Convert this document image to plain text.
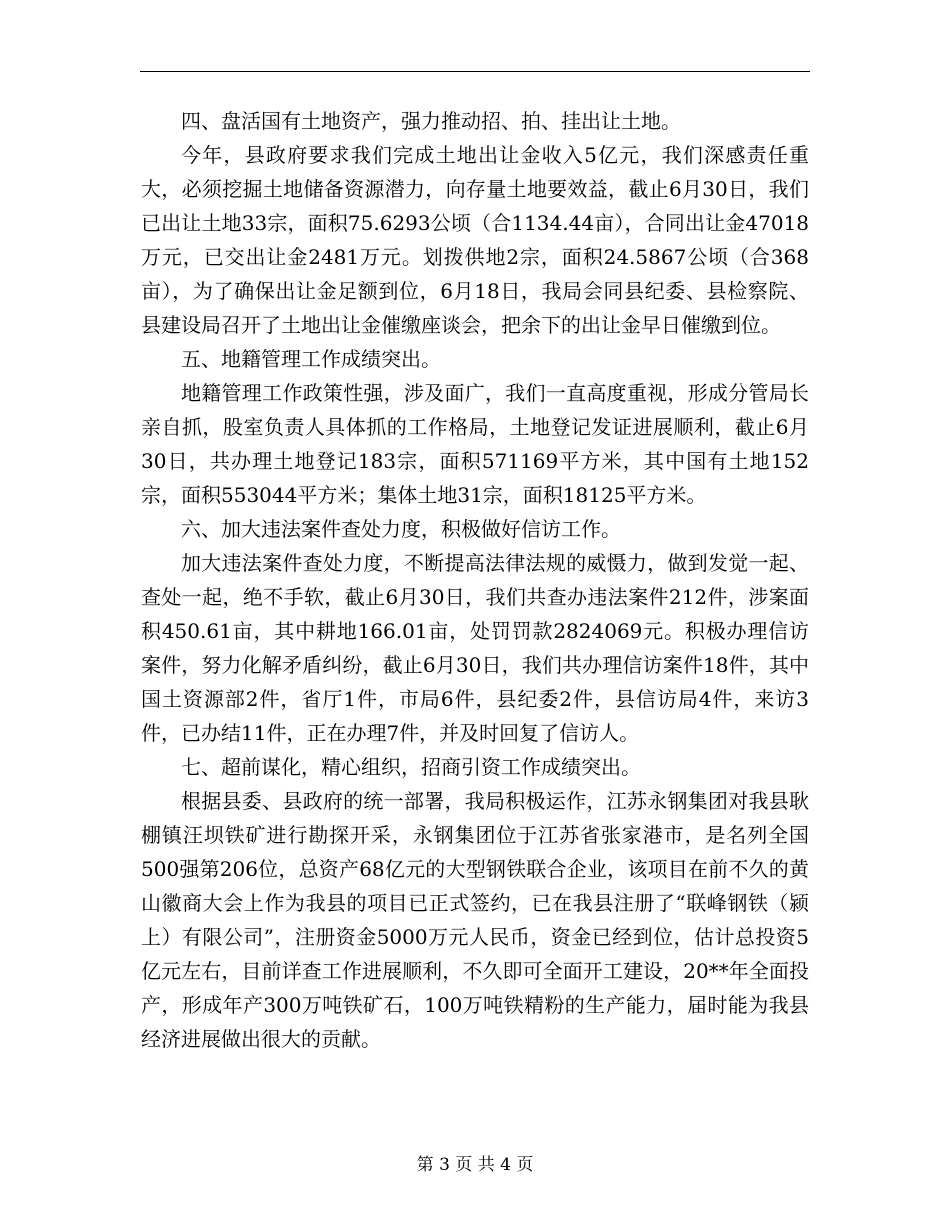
四、盘活国有土地资产，强力推动招、拍、挂出让土地。

今年，县政府要求我们完成土地出让金收入5亿元，我们深感责任重大，必须挖掘土地储备资源潜力，向存量土地要效益，截止6月30日，我们已出让土地33宗，面积75.6293公顷（合1134.44亩），合同出让金47018万元，已交出让金2481万元。划拨供地2宗，面积24.5867公顷（合368亩），为了确保出让金足额到位，6月18日，我局会同县纪委、县检察院、县建设局召开了土地出让金催缴座谈会，把余下的出让金早日催缴到位。

五、地籍管理工作成绩突出。

地籍管理工作政策性强，涉及面广，我们一直高度重视，形成分管局长亲自抓，股室负责人具体抓的工作格局，土地登记发证进展顺利，截止6月30日，共办理土地登记183宗，面积571169平方米，其中国有土地152宗，面积553044平方米；集体土地31宗，面积18125平方米。

六、加大违法案件查处力度，积极做好信访工作。

加大违法案件查处力度，不断提高法律法规的威慑力，做到发觉一起、查处一起，绝不手软，截止6月30日，我们共查办违法案件212件，涉案面积450.61亩，其中耕地166.01亩，处罚罚款2824069元。积极办理信访案件，努力化解矛盾纠纷，截止6月30日，我们共办理信访案件18件，其中国土资源部2件，省厅1件，市局6件，县纪委2件，县信访局4件，来访3件，已办结11件，正在办理7件，并及时回复了信访人。

七、超前谋化，精心组织，招商引资工作成绩突出。

根据县委、县政府的统一部署，我局积极运作，江苏永钢集团对我县耿棚镇汪坝铁矿进行勘探开采，永钢集团位于江苏省张家港市，是名列全国500强第206位，总资产68亿元的大型钢铁联合企业，该项目在前不久的黄山徽商大会上作为我县的项目已正式签约，已在我县注册了“联峰钢铁（颍上）有限公司”，注册资金5000万元人民币，资金已经到位，估计总投资5亿元左右，目前详查工作进展顺利，不久即可全面开工建设，20**年全面投产，形成年产300万吨铁矿石，100万吨铁精粉的生产能力，届时能为我县经济进展做出很大的贡献。

第 3 页 共 4 页
